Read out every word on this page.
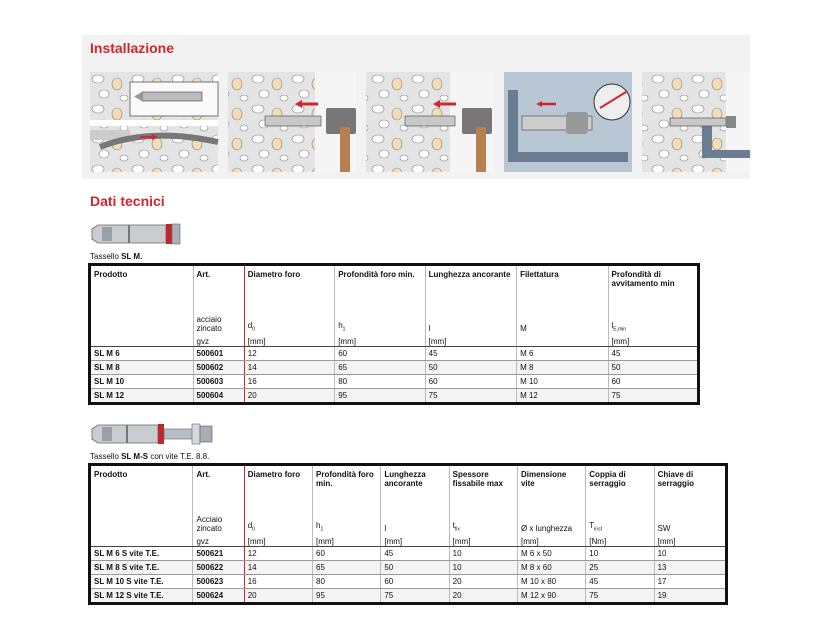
Installazione
Dati tecnici
Tassello SL M.
Prodotto	Art.	Diametro foro	Profondità foro min.	Lunghezza ancorante	Filettatura	Profondità di avvitamento min
	acciaio zincato	$d_0$	$h_1$	l	M	$l_{E,min}$
	gvz	[mm]	[mm]	[mm]		[mm]
SL M 6	500601	12	60	45	M 6	45
SL M 8	500602	14	65	50	M 8	50
SL M 10	500603	16	80	60	M 10	60
SL M 12	500604	20	95	75	M 12	75
Tassello SL M-S con vite T.E. 8.8.
Prodotto	Art.	Diametro foro	Profondità foro min.	Lunghezza ancorante	Spessore fissabile max	Dimensione vite	Coppia di serraggio	Chiave di serraggio
	Acciaio zincato	$d_0$	$h_1$	l	$t_{fix}$	Ø x lunghezza	$T_{inst}$	SW
	gvz	[mm]	[mm]	[mm]	[mm]	[mm]	[Nm]	[mm]
SL M 6 S vite T.E.	500621	12	60	45	10	M 6 x 50	10	10
SL M 8 S vite T.E.	500622	14	65	50	10	M 8 x 60	25	13
SL M 10 S vite T.E.	500623	16	80	60	20	M 10 x 80	45	17
SL M 12 S vite T.E.	500624	20	95	75	20	M 12 x 90	75	19
